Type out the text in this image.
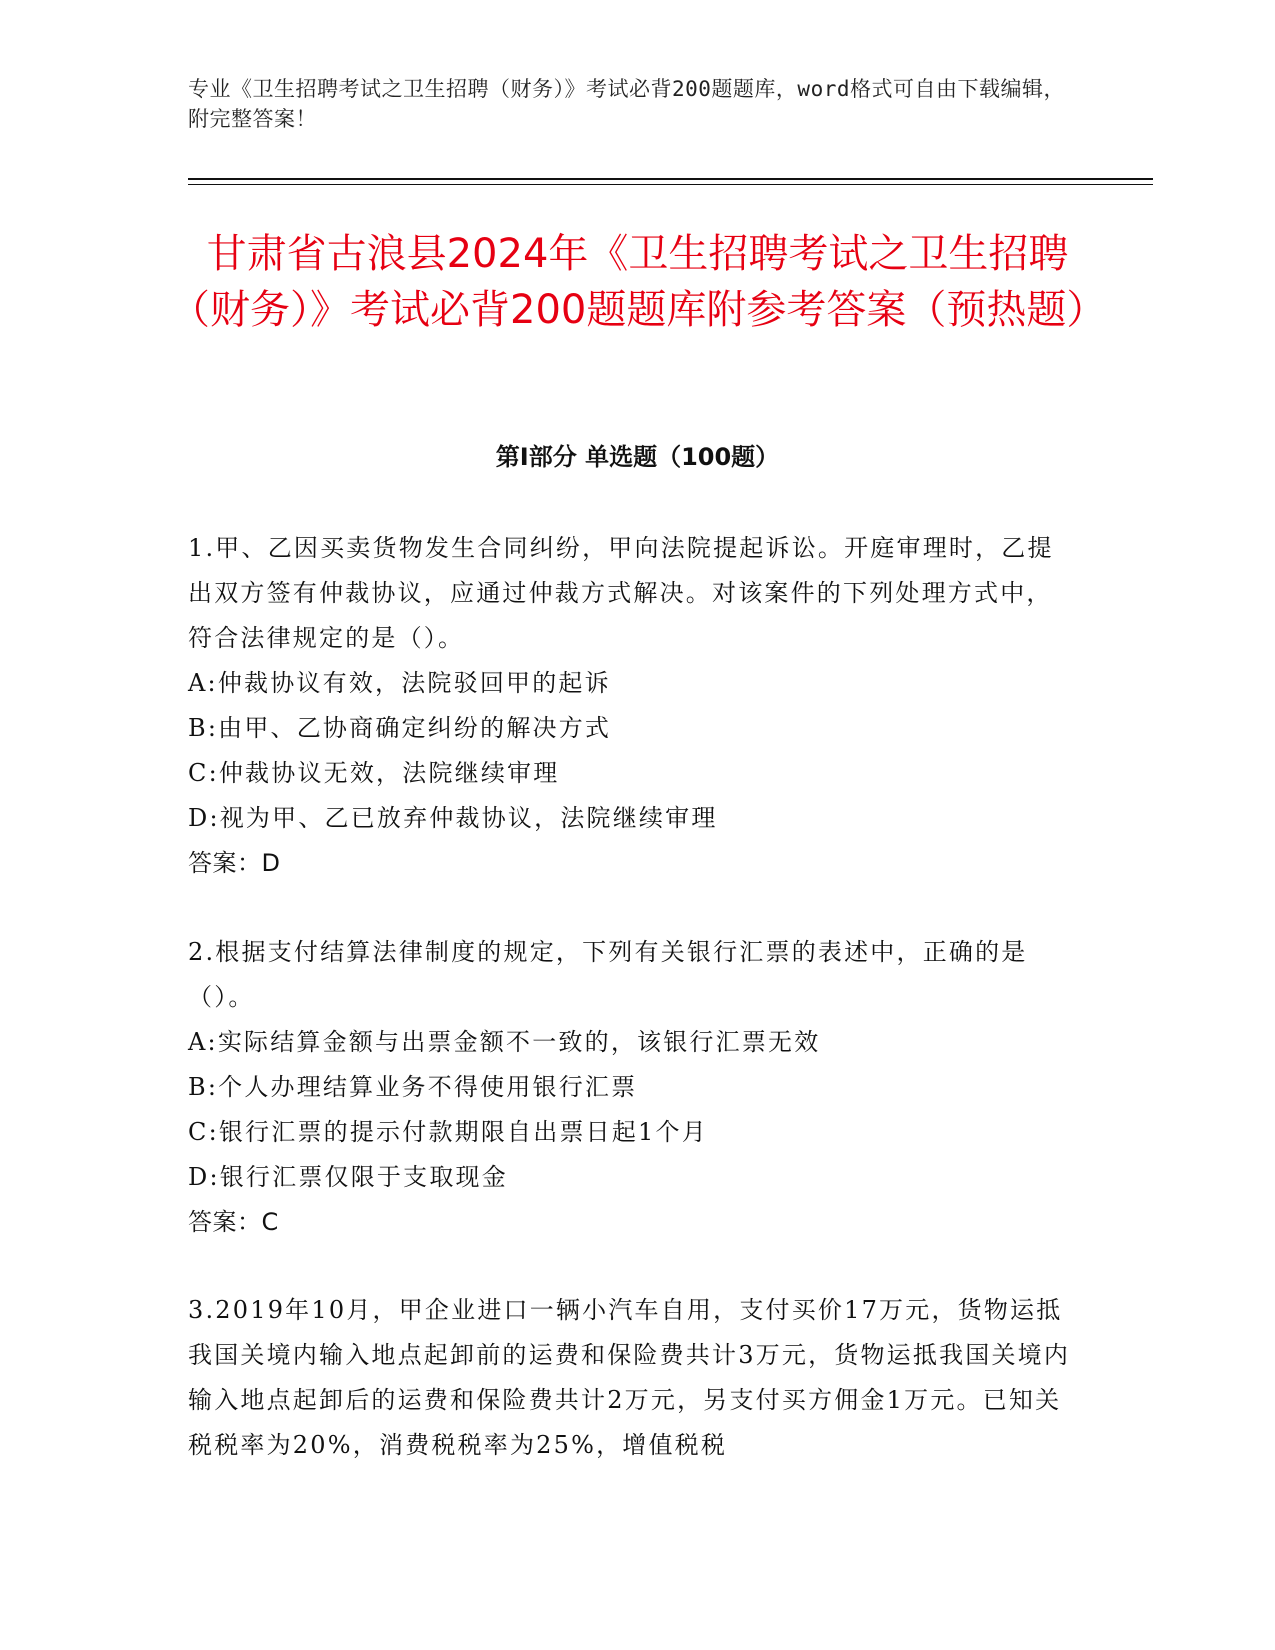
专业《卫生招聘考试之卫生招聘（财务）》考试必背200题题库，word格式可自由下载编辑，附完整答案！
甘肃省古浪县2024年《卫生招聘考试之卫生招聘（财务）》考试必背200题题库附参考答案（预热题）
第Ⅰ部分 单选题（100题）

1.甲、乙因买卖货物发生合同纠纷，甲向法院提起诉讼。开庭审理时，乙提出双方签有仲裁协议，应通过仲裁方式解决。对该案件的下列处理方式中，符合法律规定的是（）。

A:仲裁协议有效，法院驳回甲的起诉

B:由甲、乙协商确定纠纷的解决方式

C:仲裁协议无效，法院继续审理

D:视为甲、乙已放弃仲裁协议，法院继续审理

答案：D

2.根据支付结算法律制度的规定，下列有关银行汇票的表述中，正确的是（）。

A:实际结算金额与出票金额不一致的，该银行汇票无效

B:个人办理结算业务不得使用银行汇票

C:银行汇票的提示付款期限自出票日起1个月

D:银行汇票仅限于支取现金

答案：C

3.2019年10月，甲企业进口一辆小汽车自用，支付买价17万元，货物运抵我国关境内输入地点起卸前的运费和保险费共计3万元，货物运抵我国关境内输入地点起卸后的运费和保险费共计2万元，另支付买方佣金1万元。已知关税税率为20%，消费税税率为25%，增值税税
